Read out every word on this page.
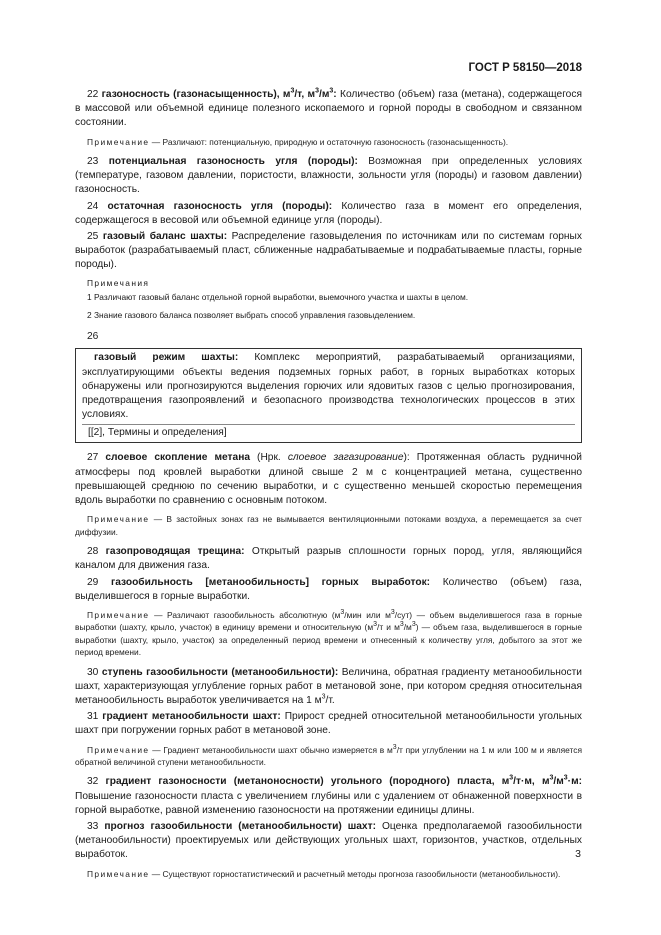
ГОСТ Р 58150—2018

22 газоносность (газонасыщенность), $м^3/т$, $м^3/м^3$: Количество (объем) газа (метана), содержащегося в массовой или объемной единице полезного ископаемого и горной породы в свободном и связанном состоянии.

Примечание — Различают: потенциальную, природную и остаточную газоносность (газонасыщенность).

23 потенциальная газоносность угля (породы): Возможная при определенных условиях (температуре, газовом давлении, пористости, влажности, зольности угля (породы) и газовом давлении) газоносность.

24 остаточная газоносность угля (породы): Количество газа в момент его определения, содержащегося в весовой или объемной единице угля (породы).

25 газовый баланс шахты: Распределение газовыделения по источникам или по системам горных выработок (разрабатываемый пласт, сближенные надрабатываемые и подрабатываемые пласты, горные породы).

Примечания

1 Различают газовый баланс отдельной горной выработки, выемочного участка и шахты в целом.

2 Знание газового баланса позволяет выбрать способ управления газовыделением.

26

газовый режим шахты: Комплекс мероприятий, разрабатываемый организациями, эксплуатирующими объекты ведения подземных горных работ, в горных выработках которых обнаружены или прогнозируются выделения горючих или ядовитых газов с целью прогнозирования, предотвращения газопроявлений и безопасного производства технологических процессов в этих условиях.

[[2], Термины и определения]

27 слоевое скопление метана (Нрк. слоевое загазирование): Протяженная область рудничной атмосферы под кровлей выработки длиной свыше 2 м с концентрацией метана, существенно превышающей среднюю по сечению выработки, и с существенно меньшей скоростью перемещения вдоль выработки по сравнению с основным потоком.

Примечание — В застойных зонах газ не вымывается вентиляционными потоками воздуха, а перемещается за счет диффузии.

28 газопроводящая трещина: Открытый разрыв сплошности горных пород, угля, являющийся каналом для движения газа.

29 газообильность [метанообильность] горных выработок: Количество (объем) газа, выделившегося в горные выработки.

Примечание — Различают газообильность абсолютную ($м^3$/мин или $м^3/сут$) — объем выделившегося газа в горные выработки (шахту, крыло, участок) в единицу времени и относительную ($м^3/т$ и $м^3/м^3$) — объем газа, выделившегося в горные выработки (шахту, крыло, участок) за определенный период времени и отнесенный к количеству угля, добытого за этот же период времени.

30 ступень газообильности (метанообильности): Величина, обратная градиенту метанообильности шахт, характеризующая углубление горных работ в метановой зоне, при котором средняя относительная метанообильность выработок увеличивается на 1 $м^3/т$.

31 градиент метанообильности шахт: Прирост средней относительной метанообильности угольных шахт при погружении горных работ в метановой зоне.

Примечание — Градиент метанообильности шахт обычно измеряется в $м^3/т$ при углублении на 1 м или 100 м и является обратной величиной ступени метанообильности.

32 градиент газоносности (метаноносности) угольного (породного) пласта, $м^3/т\cdot м$, $м^3/м^3\cdot м$: Повышение газоносности пласта с увеличением глубины или с удалением от обнаженной поверхности в горной выработке, равной изменению газоносности на протяжении единицы длины.

33 прогноз газообильности (метанообильности) шахт: Оценка предполагаемой газообильности (метанообильности) проектируемых или действующих угольных шахт, горизонтов, участков, отдельных выработок.

Примечание — Существуют горностатистический и расчетный методы прогноза газообильности (метанообильности).

3
